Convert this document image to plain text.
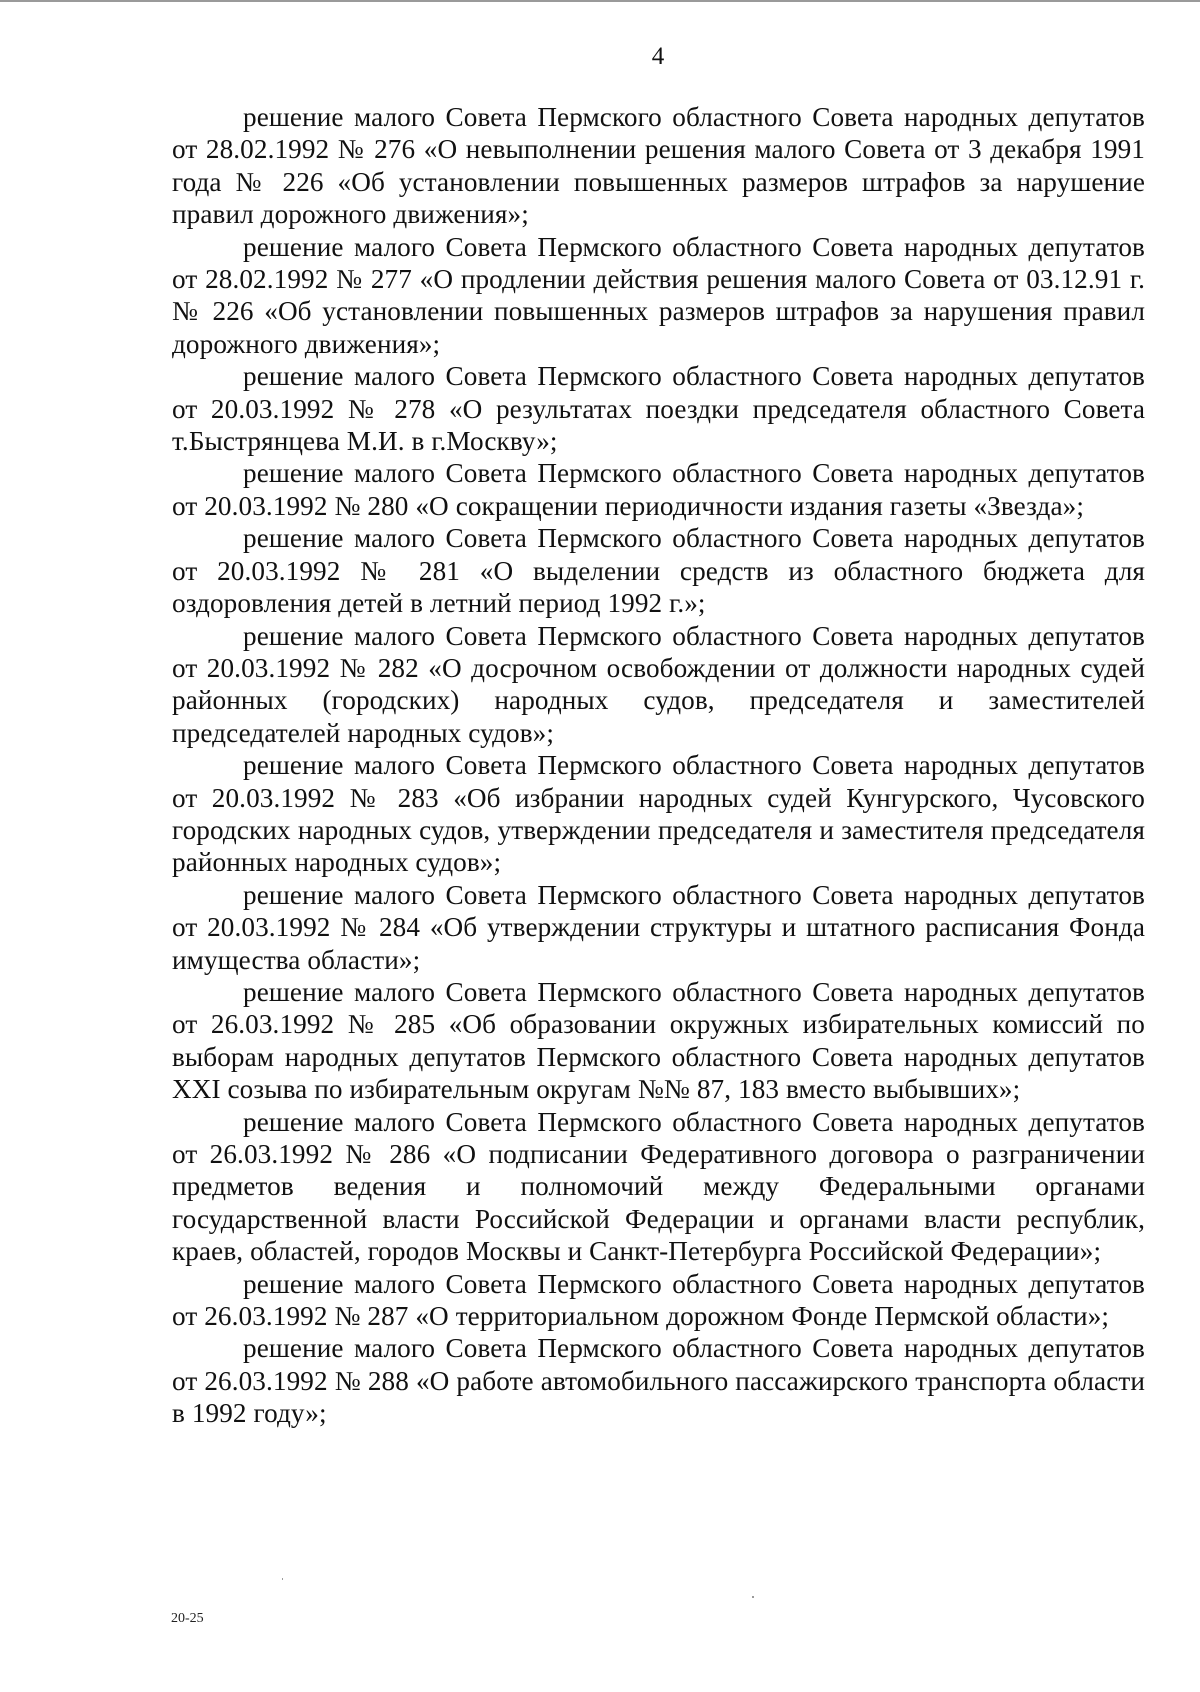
4

решение малого Совета Пермского областного Совета народных депутатов от 28.02.1992 № 276 «О невыполнении решения малого Совета от 3 декабря 1991 года № 226 «Об установлении повышенных размеров штрафов за нарушение правил дорожного движения»;

решение малого Совета Пермского областного Совета народных депутатов от 28.02.1992 № 277 «О продлении действия решения малого Совета от 03.12.91 г. № 226 «Об установлении повышенных размеров штрафов за нарушения правил дорожного движения»;

решение малого Совета Пермского областного Совета народных депутатов от 20.03.1992 № 278 «О результатах поездки председателя областного Совета т.Быстрянцева М.И. в г.Москву»;

решение малого Совета Пермского областного Совета народных депутатов от 20.03.1992 № 280 «О сокращении периодичности издания газеты «Звезда»;

решение малого Совета Пермского областного Совета народных депутатов от 20.03.1992 № 281 «О выделении средств из областного бюджета для оздоровления детей в летний период 1992 г.»;

решение малого Совета Пермского областного Совета народных депутатов от 20.03.1992 № 282 «О досрочном освобождении от должности народных судей районных (городских) народных судов, председателя и заместителей председателей народных судов»;

решение малого Совета Пермского областного Совета народных депутатов от 20.03.1992 № 283 «Об избрании народных судей Кунгурского, Чусовского городских народных судов, утверждении председателя и заместителя председателя районных народных судов»;

решение малого Совета Пермского областного Совета народных депутатов от 20.03.1992 № 284 «Об утверждении структуры и штатного расписания Фонда имущества области»;

решение малого Совета Пермского областного Совета народных депутатов от 26.03.1992 № 285 «Об образовании окружных избирательных комиссий по выборам народных депутатов Пермского областного Совета народных депутатов XXI созыва по избирательным округам №№ 87, 183 вместо выбывших»;

решение малого Совета Пермского областного Совета народных депутатов от 26.03.1992 № 286 «О подписании Федеративного договора о разграничении предметов ведения и полномочий между Федеральными органами государственной власти Российской Федерации и органами власти республик, краев, областей, городов Москвы и Санкт-Петербурга Российской Федерации»;

решение малого Совета Пермского областного Совета народных депутатов от 26.03.1992 № 287 «О территориальном дорожном Фонде Пермской области»;

решение малого Совета Пермского областного Совета народных депутатов от 26.03.1992 № 288 «О работе автомобильного пассажирского транспорта области в 1992 году»;

20-25
